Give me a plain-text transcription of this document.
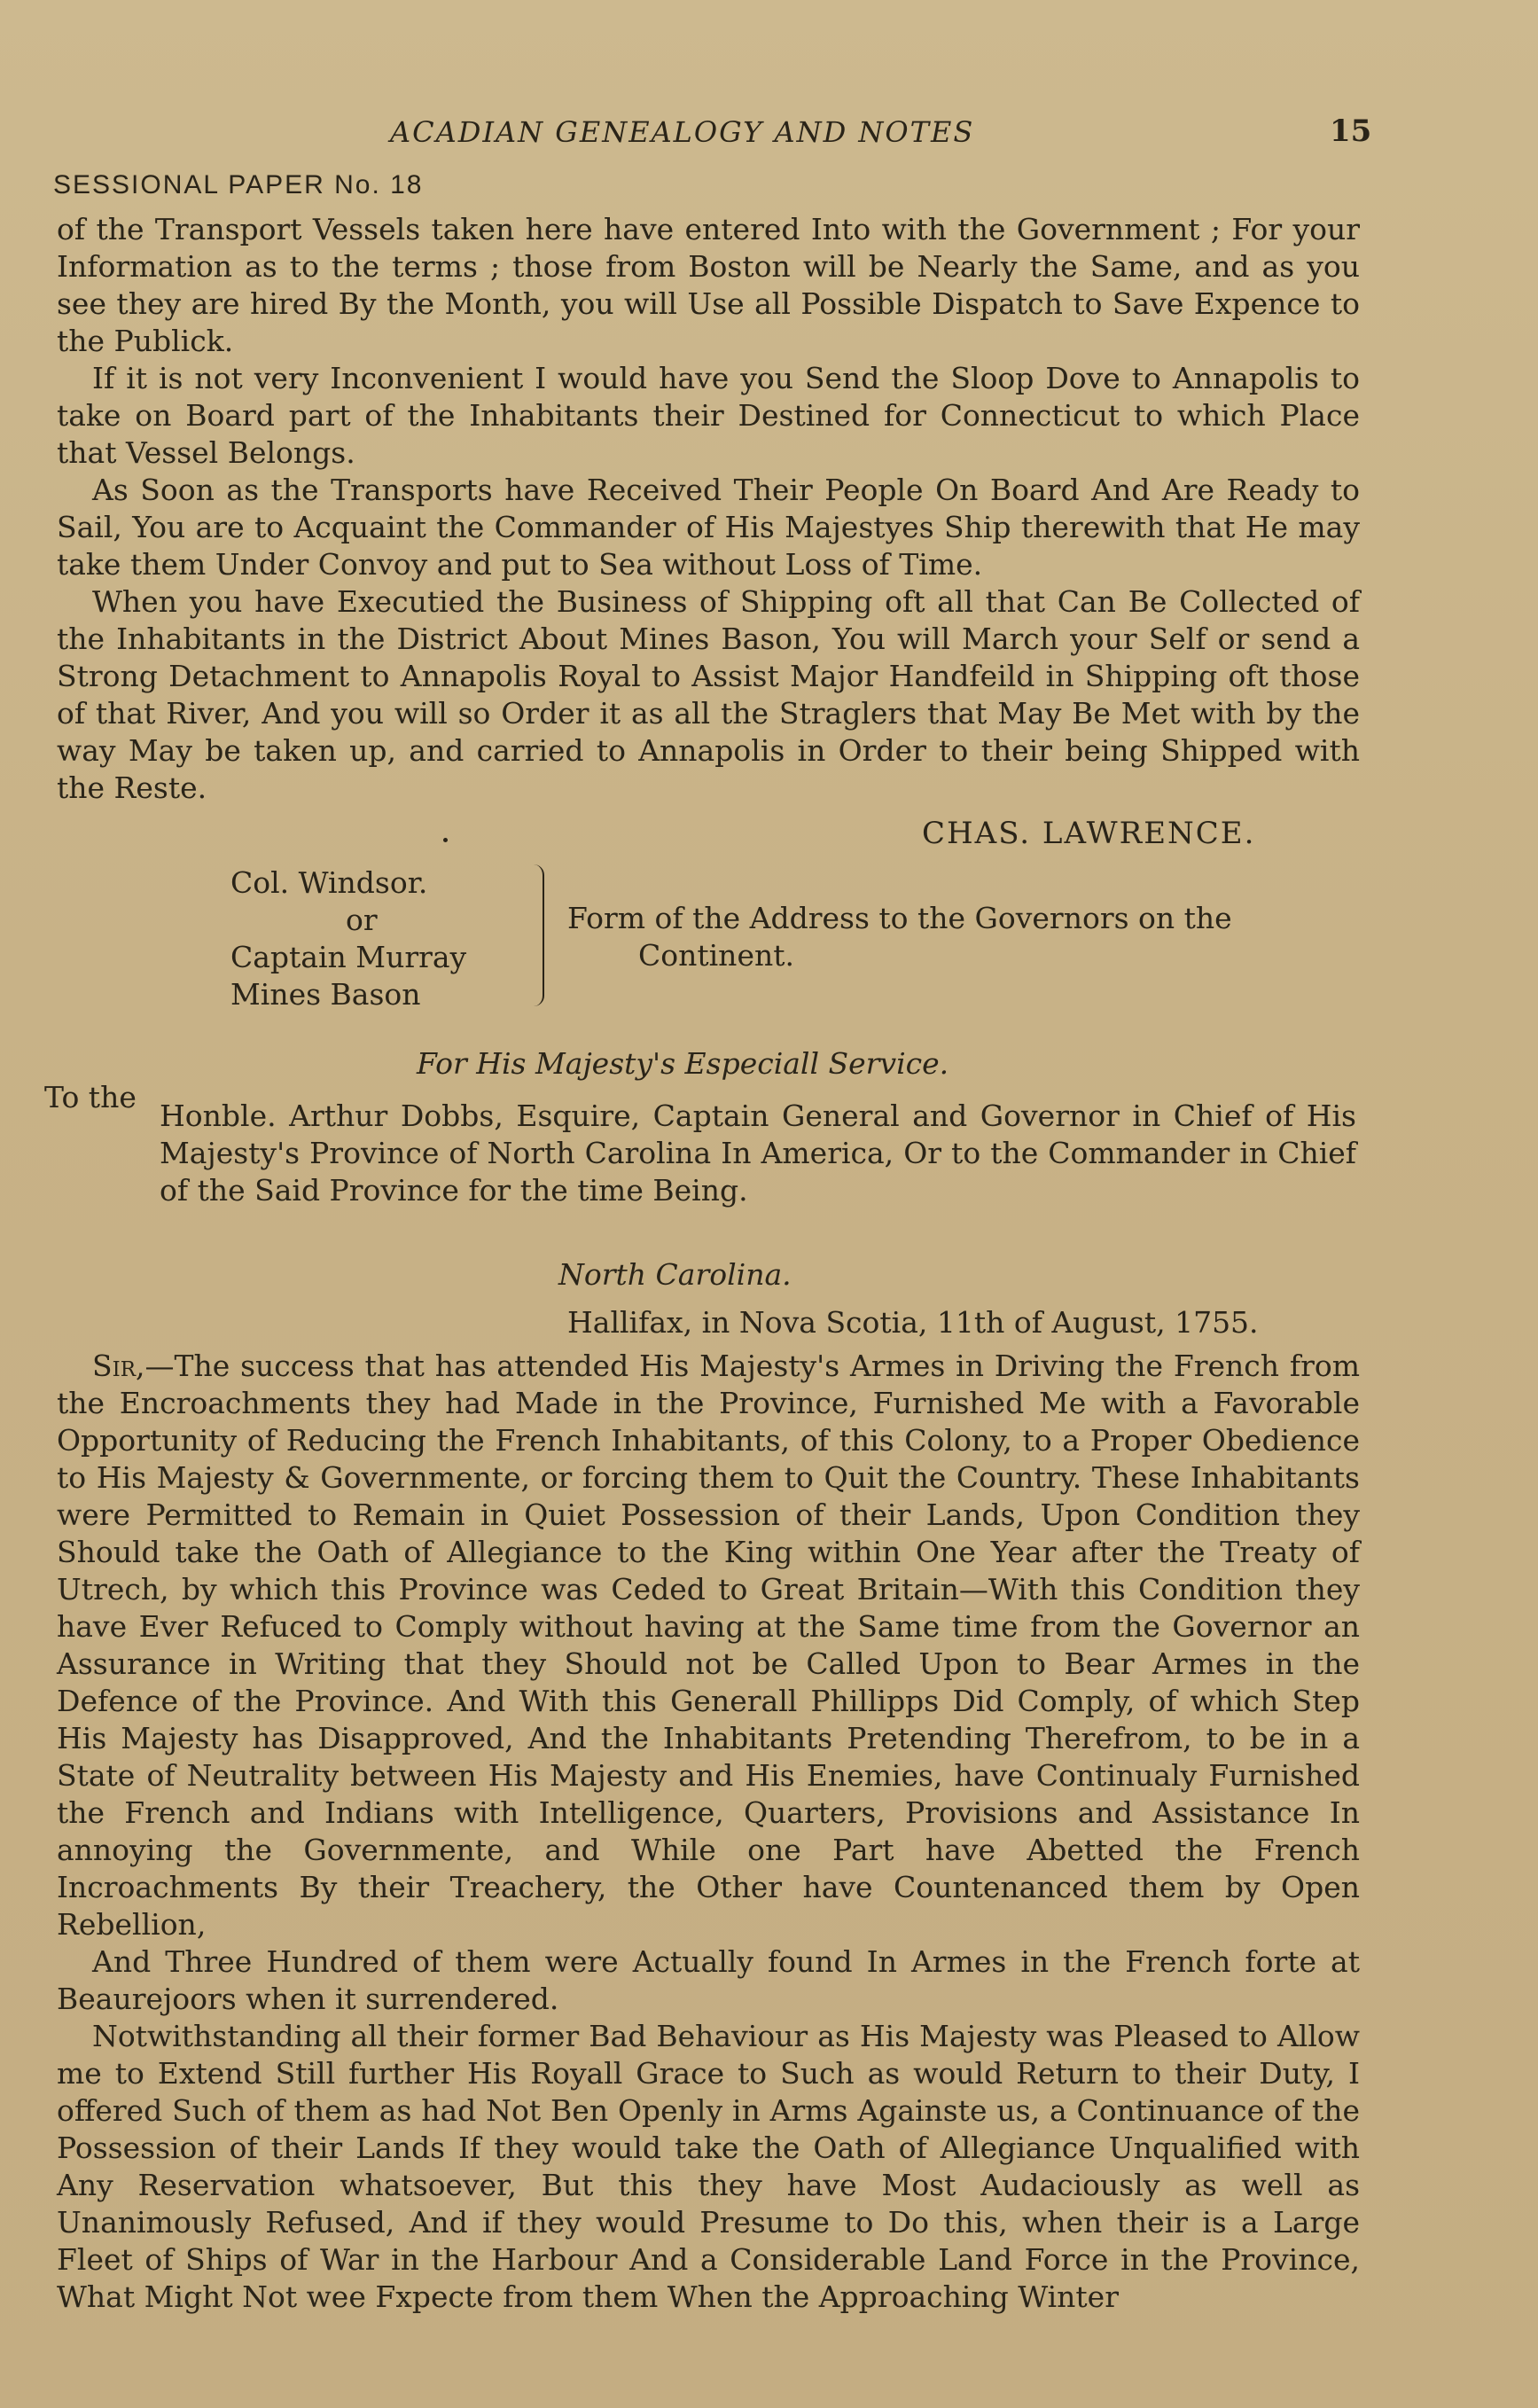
ACADIAN GENEALOGY AND NOTES	15
SESSIONAL PAPER No. 18

of the Transport Vessels taken here have entered Into with the Government ; For your Information as to the terms ; those from Boston will be Nearly the Same, and as you see they are hired By the Month, you will Use all Possible Dispatch to Save Expence to the Publick.

If it is not very Inconvenient I would have you Send the Sloop Dove to Annapolis to take on Board part of the Inhabitants their Destined for Connecticut to which Place that Vessel Belongs.

As Soon as the Transports have Received Their People On Board And Are Ready to Sail, You are to Acquaint the Commander of His Majestyes Ship therewith that He may take them Under Convoy and put to Sea without Loss of Time.

When you have Executied the Business of Shipping oft all that Can Be Collected of the Inhabitants in the District About Mines Bason, You will March your Self or send a Strong Detachment to Annapolis Royal to Assist Major Handfeild in Shipping oft those of that River, And you will so Order it as all the Straglers that May Be Met with by the way May be taken up, and carried to Annapolis in Order to their being Shipped with the Reste.

CHAS. LAWRENCE.
Col. Windsor.
or
Captain Murray
Mines Bason
Form of the Address to the Governors on the
Continent.
For His Majesty's Especiall Service.
To the
Honble. Arthur Dobbs, Esquire, Captain General and Governor in Chief of His Majesty's Province of North Carolina In America, Or to the Commander in Chief of the Said Province for the time Being.
North Carolina.
Hallifax, in Nova Scotia, 11th of August, 1755.

Sir,—The success that has attended His Majesty's Armes in Driving the French from the Encroachments they had Made in the Province, Furnished Me with a Favorable Opportunity of Reducing the French Inhabitants, of this Colony, to a Proper Obedience to His Majesty & Governmente, or forcing them to Quit the Country. These Inhabitants were Permitted to Remain in Quiet Possession of their Lands, Upon Condition they Should take the Oath of Allegiance to the King within One Year after the Treaty of Utrech, by which this Province was Ceded to Great Britain—With this Condition they have Ever Refuced to Comply without having at the Same time from the Governor an Assurance in Writing that they Should not be Called Upon to Bear Armes in the Defence of the Province. And With this Generall Phillipps Did Comply, of which Step His Majesty has Disapproved, And the Inhabitants Pretending Therefrom, to be in a State of Neutrality between His Majesty and His Enemies, have Continualy Furnished the French and Indians with Intelligence, Quarters, Provisions and Assistance In annoying the Governmente, and While one Part have Abetted the French Incroachments By their Treachery, the Other have Countenanced them by Open Rebellion,

And Three Hundred of them were Actually found In Armes in the French forte at Beaurejoors when it surrendered.

Notwithstanding all their former Bad Behaviour as His Majesty was Pleased to Allow me to Extend Still further His Royall Grace to Such as would Return to their Duty, I offered Such of them as had Not Ben Openly in Arms Againste us, a Continuance of the Possession of their Lands If they would take the Oath of Allegiance Unqualified with Any Reservation whatsoever, But this they have Most Audaciously as well as Unanimously Refused, And if they would Presume to Do this, when their is a Large Fleet of Ships of War in the Harbour And a Considerable Land Force in the Province, What Might Not wee Fxpecte from them When the Approaching Winter
